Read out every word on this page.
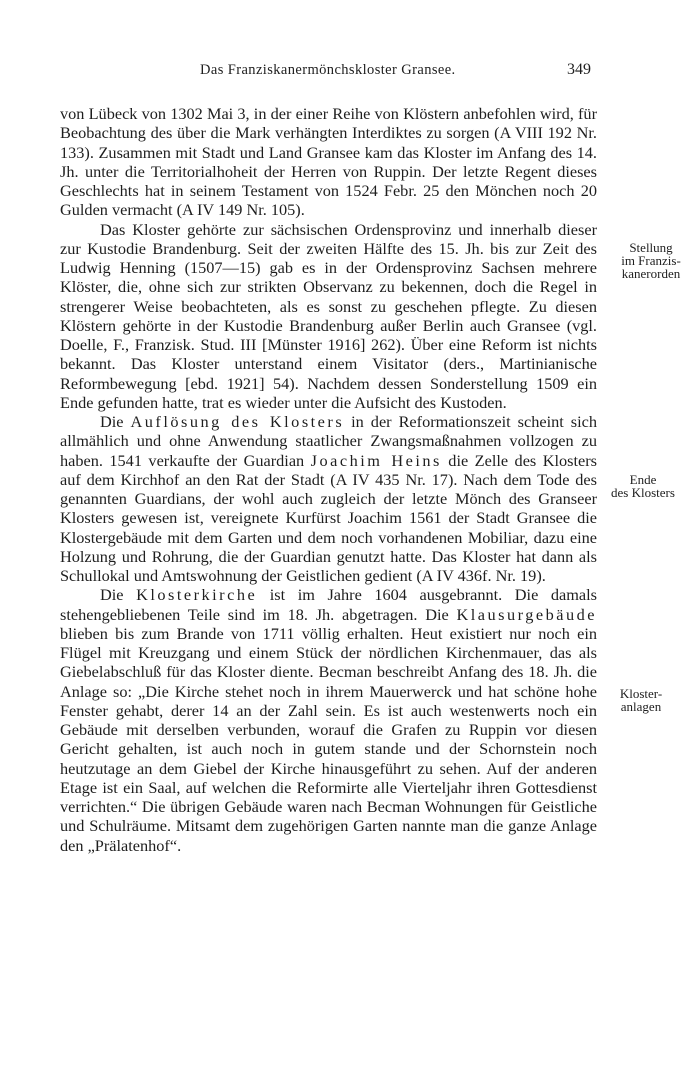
Das Franziskanermönchskloster Gransee.	349

von Lübeck von 1302 Mai 3, in der einer Reihe von Klöstern anbefohlen wird, für Beobachtung des über die Mark verhängten Interdiktes zu sorgen (A VIII 192 Nr. 133). Zusammen mit Stadt und Land Gransee kam das Kloster im Anfang des 14. Jh. unter die Territorialhoheit der Herren von Ruppin. Der letzte Regent dieses Geschlechts hat in seinem Testament von 1524 Febr. 25 den Mönchen noch 20 Gulden vermacht (A IV 149 Nr. 105).

Das Kloster gehörte zur sächsischen Ordensprovinz und innerhalb dieser zur Kustodie Brandenburg. Seit der zweiten Hälfte des 15. Jh. bis zur Zeit des Ludwig Henning (1507—15) gab es in der Ordensprovinz Sachsen mehrere Klöster, die, ohne sich zur strikten Observanz zu bekennen, doch die Regel in strengerer Weise beobachteten, als es sonst zu geschehen pflegte. Zu diesen Klöstern gehörte in der Kustodie Brandenburg außer Berlin auch Gransee (vgl. Doelle, F., Franzisk. Stud. III [Münster 1916] 262). Über eine Reform ist nichts bekannt. Das Kloster unterstand einem Visitator (ders., Martinianische Reformbewegung [ebd. 1921] 54). Nachdem dessen Sonderstellung 1509 ein Ende gefunden hatte, trat es wieder unter die Aufsicht des Kustoden.

Die Auflösung des Klosters in der Reformationszeit scheint sich allmählich und ohne Anwendung staatlicher Zwangsmaßnahmen vollzogen zu haben. 1541 verkaufte der Guardian Joachim Heins die Zelle des Klosters auf dem Kirchhof an den Rat der Stadt (A IV 435 Nr. 17). Nach dem Tode des genannten Guardians, der wohl auch zugleich der letzte Mönch des Granseer Klosters gewesen ist, vereignete Kurfürst Joachim 1561 der Stadt Gransee die Klostergebäude mit dem Garten und dem noch vorhandenen Mobiliar, dazu eine Holzung und Rohrung, die der Guardian genutzt hatte. Das Kloster hat dann als Schullokal und Amtswohnung der Geistlichen gedient (A IV 436f. Nr. 19).

Die Klosterkirche ist im Jahre 1604 ausgebrannt. Die damals stehengebliebenen Teile sind im 18. Jh. abgetragen. Die Klausurgebäude blieben bis zum Brande von 1711 völlig erhalten. Heut existiert nur noch ein Flügel mit Kreuzgang und einem Stück der nördlichen Kirchenmauer, das als Giebelabschluß für das Kloster diente. Becman beschreibt Anfang des 18. Jh. die Anlage so: „Die Kirche stehet noch in ihrem Mauerwerck und hat schöne hohe Fenster gehabt, derer 14 an der Zahl sein. Es ist auch westenwerts noch ein Gebäude mit derselben verbunden, worauf die Grafen zu Ruppin vor diesen Gericht gehalten, ist auch noch in gutem stande und der Schornstein noch heutzutage an dem Giebel der Kirche hinausgeführt zu sehen. Auf der anderen Etage ist ein Saal, auf welchen die Reformirte alle Vierteljahr ihren Gottesdienst verrichten.“ Die übrigen Gebäude waren nach Becman Wohnungen für Geistliche und Schulräume. Mitsamt dem zugehörigen Garten nannte man die ganze Anlage den „Prälatenhof“.

Stellung
im Franzis-
kanerorden
Ende
des Klosters
Kloster-
anlagen
